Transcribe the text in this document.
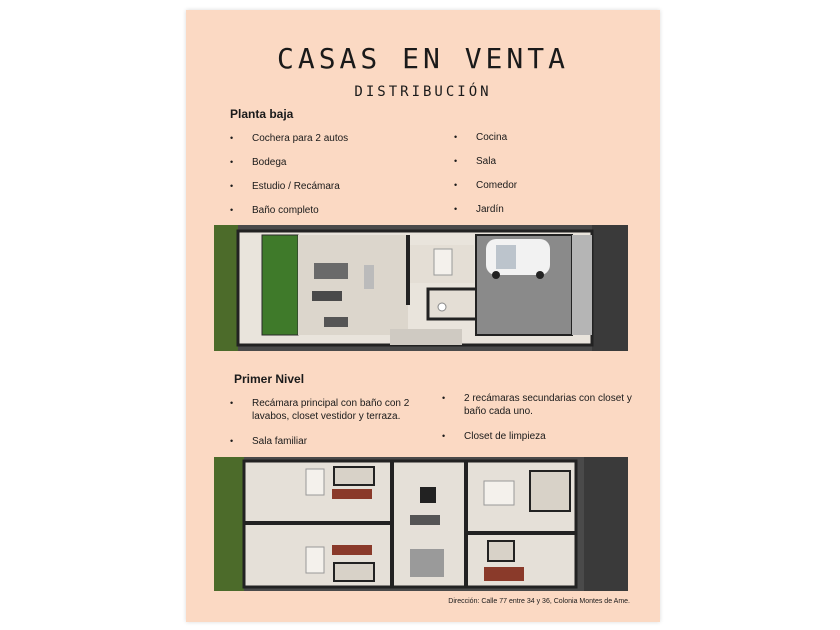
CASAS EN VENTA
DISTRIBUCIÓN
Planta baja
• Cochera para 2 autos
• Bodega
• Estudio / Recámara
• Baño completo
• Cocina
• Sala
• Comedor
• Jardín
Primer Nivel
• Recámara principal con baño con 2 lavabos, closet vestidor y terraza.
• Sala familiar
• 2 recámaras secundarias con closet y baño cada uno.
• Closet de limpieza
Dirección: Calle 77 entre 34 y 36, Colonia Montes de Ame.
